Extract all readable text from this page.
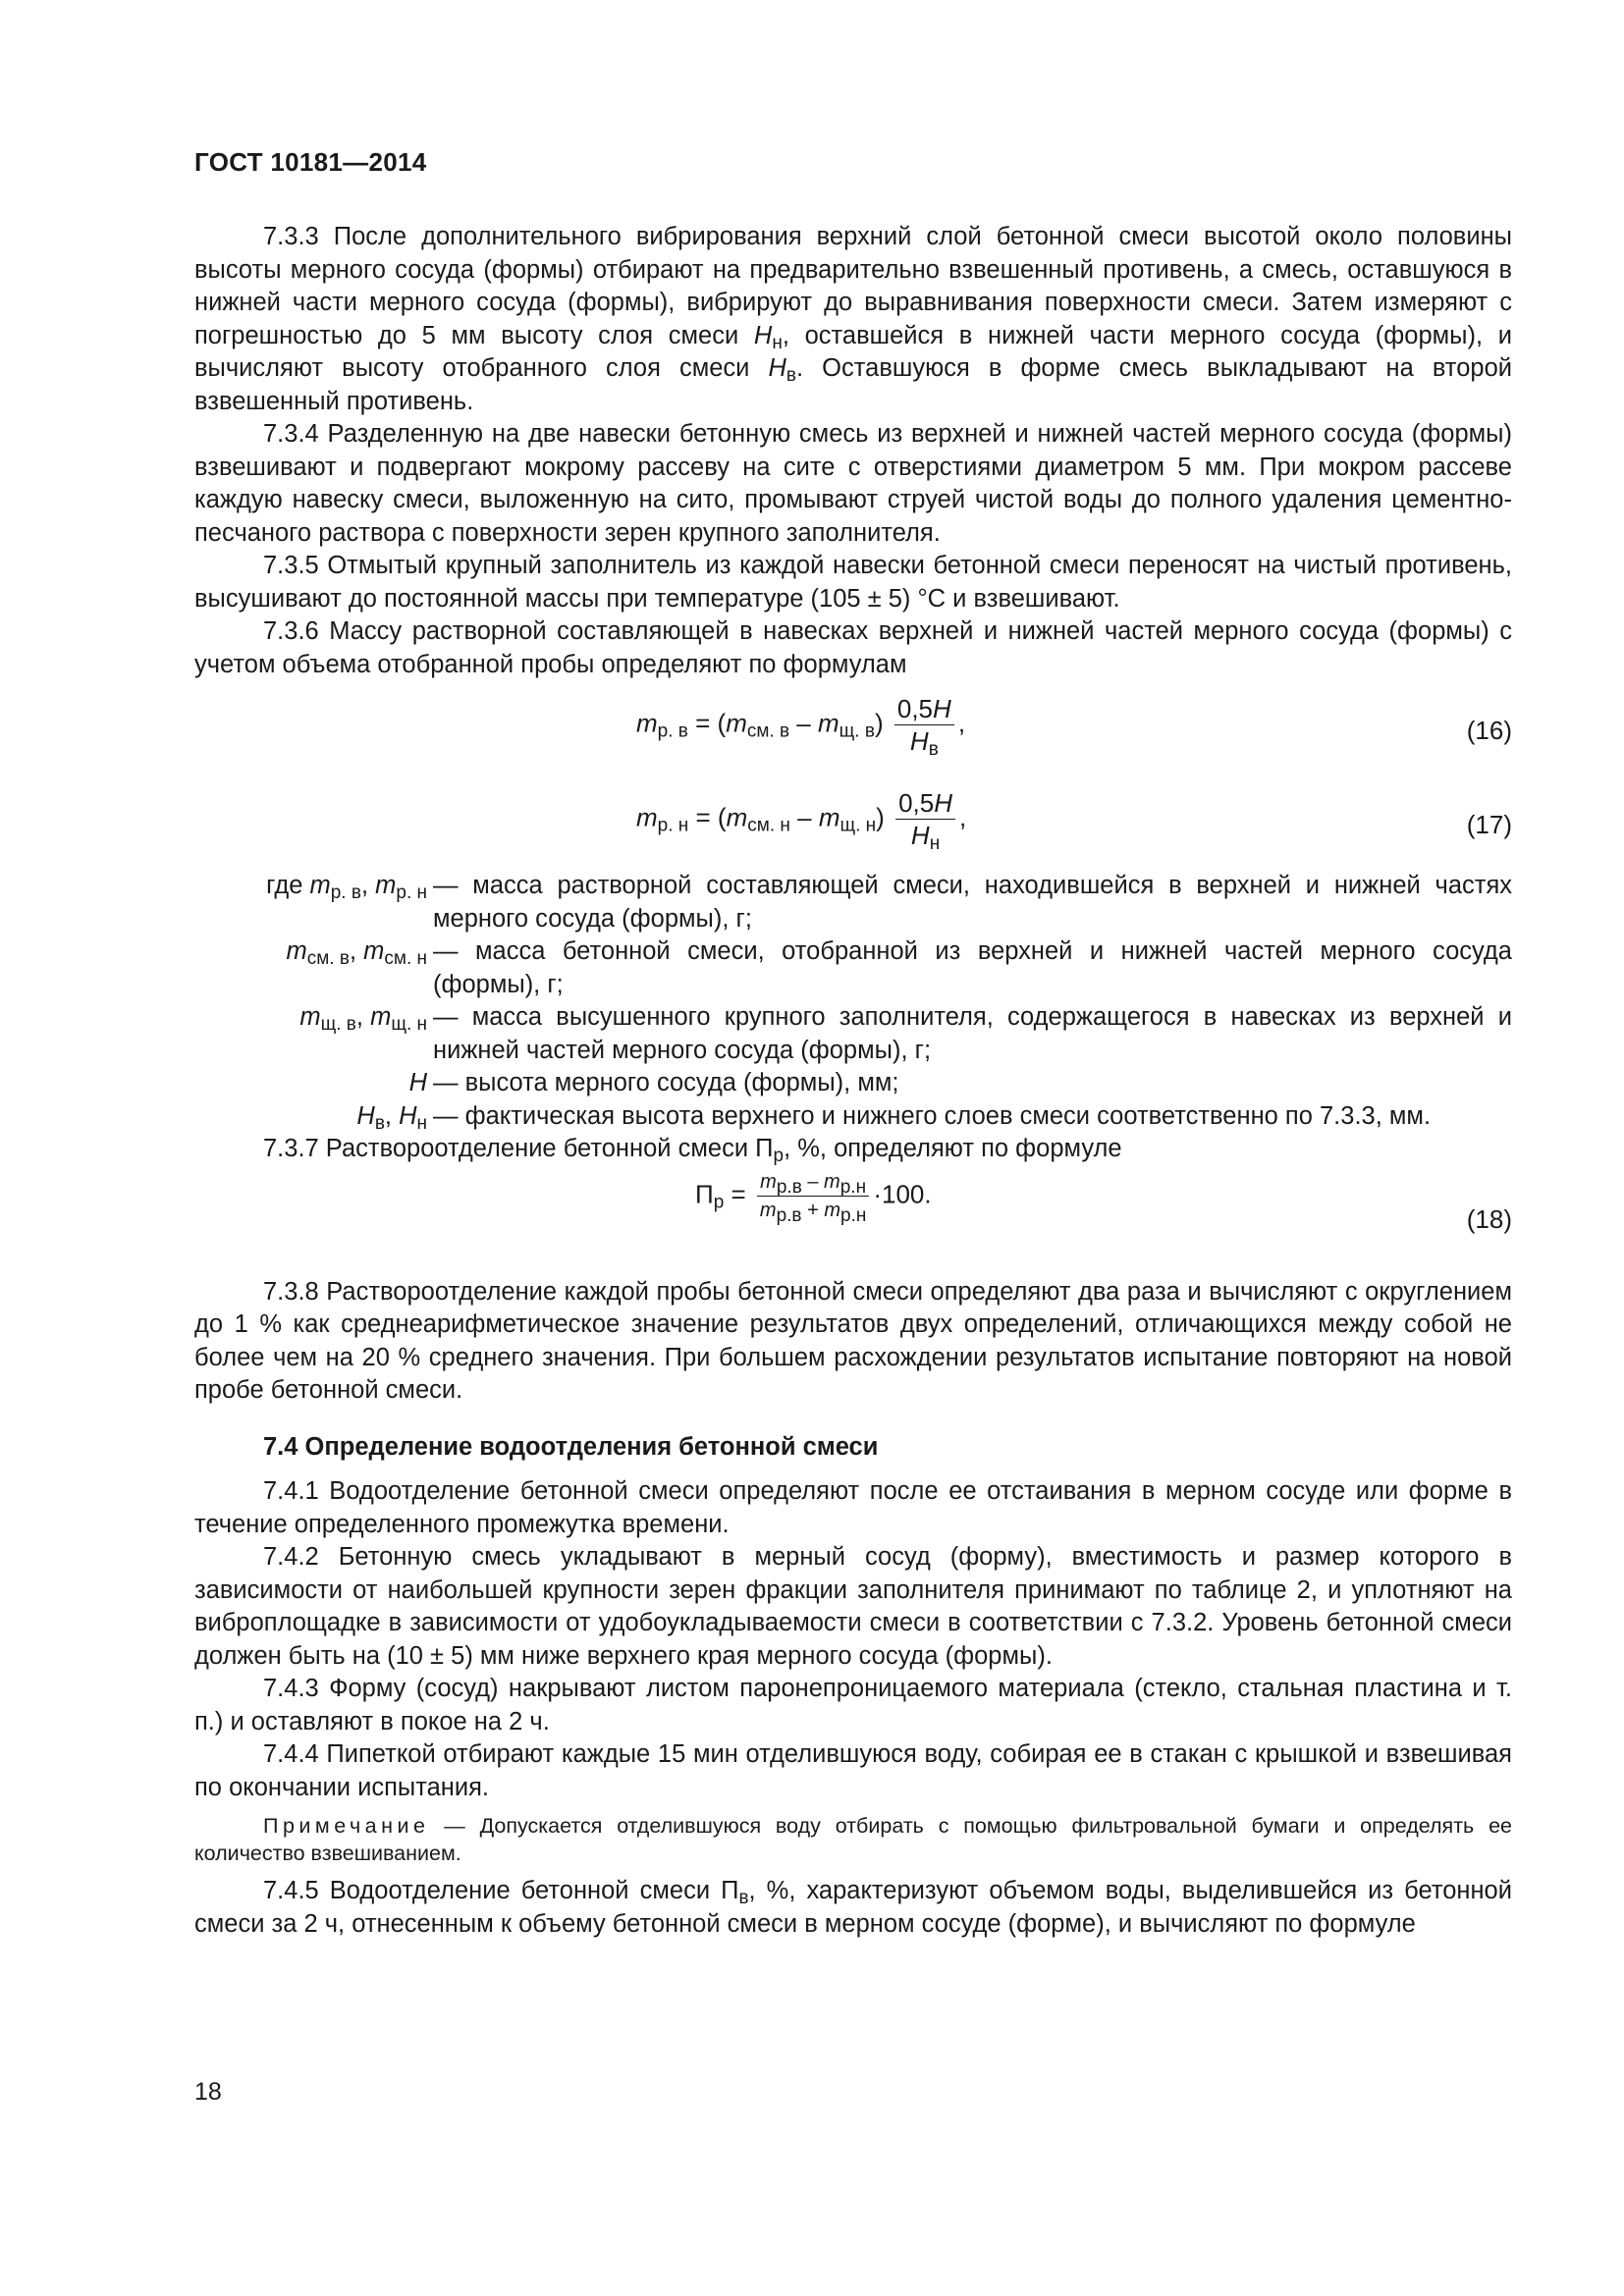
ГОСТ 10181—2014

7.3.3 После дополнительного вибрирования верхний слой бетонной смеси высотой около половины высоты мерного сосуда (формы) отбирают на предварительно взвешенный противень, а смесь, оставшуюся в нижней части мерного сосуда (формы), вибрируют до выравнивания поверхности смеси. Затем измеряют с погрешностью до 5 мм высоту слоя смеси $H_н$, оставшейся в нижней части мерного сосуда (формы), и вычисляют высоту отобранного слоя смеси $H_в$. Оставшуюся в форме смесь выкладывают на второй взвешенный противень.

7.3.4 Разделенную на две навески бетонную смесь из верхней и нижней частей мерного сосуда (формы) взвешивают и подвергают мокрому рассеву на сите с отверстиями диаметром 5 мм. При мокром рассеве каждую навеску смеси, выложенную на сито, промывают струей чистой воды до полного удаления цементно-песчаного раствора с поверхности зерен крупного заполнителя.

7.3.5 Отмытый крупный заполнитель из каждой навески бетонной смеси переносят на чистый противень, высушивают до постоянной массы при температуре (105 ± 5) °С и взвешивают.

7.3.6 Массу растворной составляющей в навесках верхней и нижней частей мерного сосуда (формы) с учетом объема отобранной пробы определяют по формулам

$m_{р. в} = (m_{см. в} - m_{щ. в}) \frac{0,5H}{H_в}$ ,	(16)
$m_{р. н} = (m_{см. н} - m_{щ. н}) \frac{0,5H}{H_н}$ ,	(17)
где $m_{р. в}$, $m_{р. н}$ — масса растворной составляющей смеси, находившейся в верхней и нижней частях мерного сосуда (формы), г;
$m_{см. в}$, $m_{см. н}$ — масса бетонной смеси, отобранной из верхней и нижней частей мерного сосуда (формы), г;
$m_{щ. в}$, $m_{щ. н}$ — масса высушенного крупного заполнителя, содержащегося в навесках из верхней и нижней частей мерного сосуда (формы), г;
H — высота мерного сосуда (формы), мм;
$H_в$, $H_н$ — фактическая высота верхнего и нижнего слоев смеси соответственно по 7.3.3, мм.

7.3.7 Раствороотделение бетонной смеси $П_р$, %, определяют по формуле

$П_р = \frac{m_{р.в} - m_{р.н}}{m_{р.в} + m_{р.н}} \cdot 100$.
(18)

7.3.8 Раствороотделение каждой пробы бетонной смеси определяют два раза и вычисляют с округлением до 1 % как среднеарифметическое значение результатов двух определений, отличающихся между собой не более чем на 20 % среднего значения. При большем расхождении результатов испытание повторяют на новой пробе бетонной смеси.

7.4 Определение водоотделения бетонной смеси

7.4.1 Водоотделение бетонной смеси определяют после ее отстаивания в мерном сосуде или форме в течение определенного промежутка времени.

7.4.2 Бетонную смесь укладывают в мерный сосуд (форму), вместимость и размер которого в зависимости от наибольшей крупности зерен фракции заполнителя принимают по таблице 2, и уплотняют на виброплощадке в зависимости от удобоукладываемости смеси в соответствии с 7.3.2. Уровень бетонной смеси должен быть на (10 ± 5) мм ниже верхнего края мерного сосуда (формы).

7.4.3 Форму (сосуд) накрывают листом паронепроницаемого материала (стекло, стальная пластина и т. п.) и оставляют в покое на 2 ч.

7.4.4 Пипеткой отбирают каждые 15 мин отделившуюся воду, собирая ее в стакан с крышкой и взвешивая по окончании испытания.

Примечание — Допускается отделившуюся воду отбирать с помощью фильтровальной бумаги и определять ее количество взвешиванием.

7.4.5 Водоотделение бетонной смеси $П_в$, %, характеризуют объемом воды, выделившейся из бетонной смеси за 2 ч, отнесенным к объему бетонной смеси в мерном сосуде (форме), и вычисляют по формуле

18
